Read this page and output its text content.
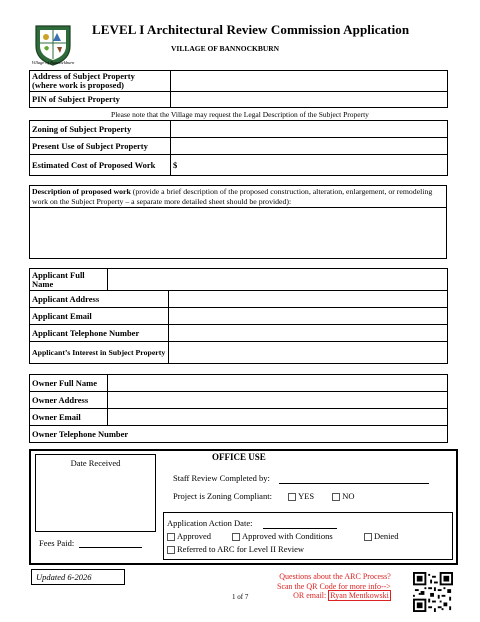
Village of Bannockburn
LEVEL I Architectural Review Commission Application
VILLAGE OF BANNOCKBURN
Address of Subject Property
(where work is proposed)	
PIN of Subject Property	
Please note that the Village may request the Legal Description of the Subject Property
Zoning of Subject Property	
Present Use of Subject Property	
Estimated Cost of Proposed Work	$
Description of proposed work (provide a brief description of the proposed construction, alteration, enlargement, or remodeling work on the Subject Property – a separate more detailed sheet should be provided):
Applicant Full Name		
Applicant Address		
Applicant Email		
Applicant Telephone Number		
Applicant’s Interest in Subject Property		
Owner Full Name	
Owner Address	
Owner Email	
Owner Telephone Number	
Date Received
OFFICE USE
Staff Review Completed by:
Project is Zoning Compliant:	YES	NO
Application Action Date:
Approved	Approved with Conditions	Denied
Referred to ARC for Level II Review
Fees Paid:
Updated 6-2026
1 of 7
Questions about the ARC Process?
Scan the QR Code for more info-->
OR email: Ryan Mentkowski
